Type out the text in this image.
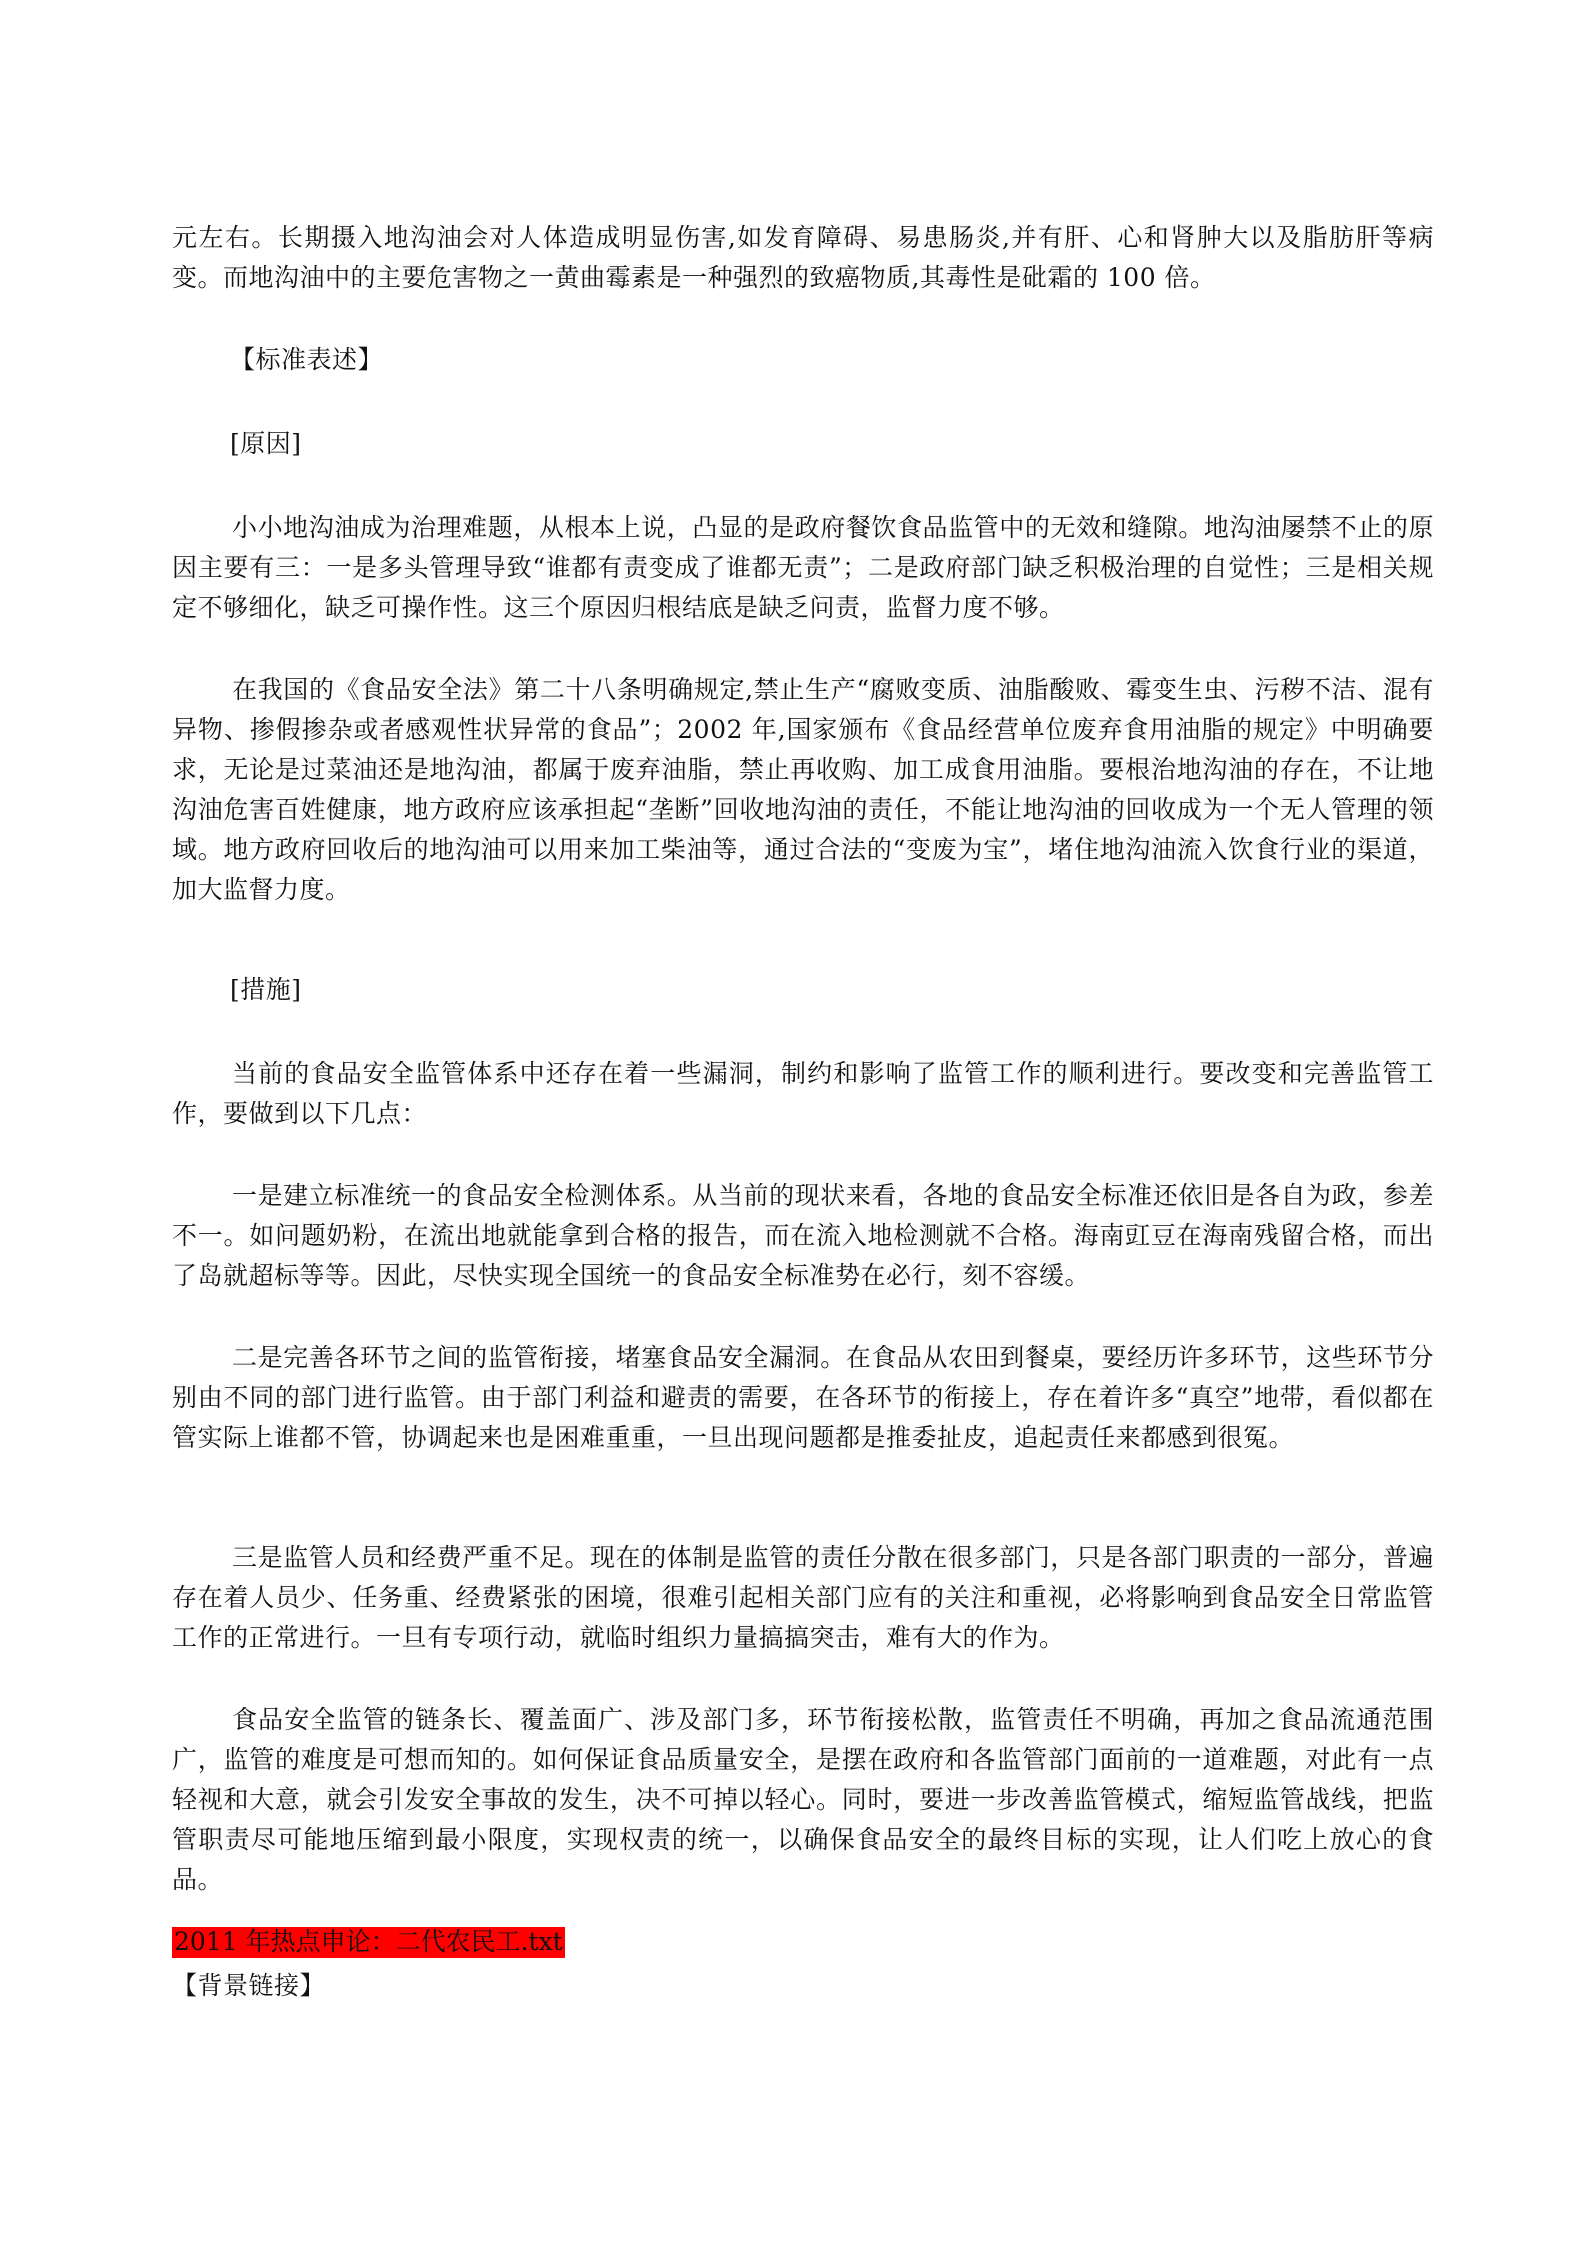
元左右。长期摄入地沟油会对人体造成明显伤害,如发育障碍、易患肠炎,并有肝、心和肾肿大以及脂肪肝等病变。而地沟油中的主要危害物之一黄曲霉素是一种强烈的致癌物质,其毒性是砒霜的 100 倍。

【标准表述】

[原因]

小小地沟油成为治理难题，从根本上说，凸显的是政府餐饮食品监管中的无效和缝隙。地沟油屡禁不止的原因主要有三：一是多头管理导致“谁都有责变成了谁都无责”；二是政府部门缺乏积极治理的自觉性；三是相关规定不够细化，缺乏可操作性。这三个原因归根结底是缺乏问责，监督力度不够。

在我国的《食品安全法》第二十八条明确规定,禁止生产“腐败变质、油脂酸败、霉变生虫、污秽不洁、混有异物、掺假掺杂或者感观性状异常的食品”；2002 年,国家颁布《食品经营单位废弃食用油脂的规定》中明确要求，无论是过菜油还是地沟油，都属于废弃油脂，禁止再收购、加工成食用油脂。要根治地沟油的存在，不让地沟油危害百姓健康，地方政府应该承担起“垄断”回收地沟油的责任，不能让地沟油的回收成为一个无人管理的领域。地方政府回收后的地沟油可以用来加工柴油等，通过合法的“变废为宝”，堵住地沟油流入饮食行业的渠道，加大监督力度。

[措施]

当前的食品安全监管体系中还存在着一些漏洞，制约和影响了监管工作的顺利进行。要改变和完善监管工作，要做到以下几点：

一是建立标准统一的食品安全检测体系。从当前的现状来看，各地的食品安全标准还依旧是各自为政，参差不一。如问题奶粉，在流出地就能拿到合格的报告，而在流入地检测就不合格。海南豇豆在海南残留合格，而出了岛就超标等等。因此，尽快实现全国统一的食品安全标准势在必行，刻不容缓。

二是完善各环节之间的监管衔接，堵塞食品安全漏洞。在食品从农田到餐桌，要经历许多环节，这些环节分别由不同的部门进行监管。由于部门利益和避责的需要，在各环节的衔接上，存在着许多“真空”地带，看似都在管实际上谁都不管，协调起来也是困难重重，一旦出现问题都是推委扯皮，追起责任来都感到很冤。

三是监管人员和经费严重不足。现在的体制是监管的责任分散在很多部门，只是各部门职责的一部分，普遍存在着人员少、任务重、经费紧张的困境，很难引起相关部门应有的关注和重视，必将影响到食品安全日常监管工作的正常进行。一旦有专项行动，就临时组织力量搞搞突击，难有大的作为。

食品安全监管的链条长、覆盖面广、涉及部门多，环节衔接松散，监管责任不明确，再加之食品流通范围广，监管的难度是可想而知的。如何保证食品质量安全，是摆在政府和各监管部门面前的一道难题，对此有一点轻视和大意，就会引发安全事故的发生，决不可掉以轻心。同时，要进一步改善监管模式，缩短监管战线，把监管职责尽可能地压缩到最小限度，实现权责的统一，以确保食品安全的最终目标的实现，让人们吃上放心的食品。

2011 年热点申论：二代农民工.txt

【背景链接】
